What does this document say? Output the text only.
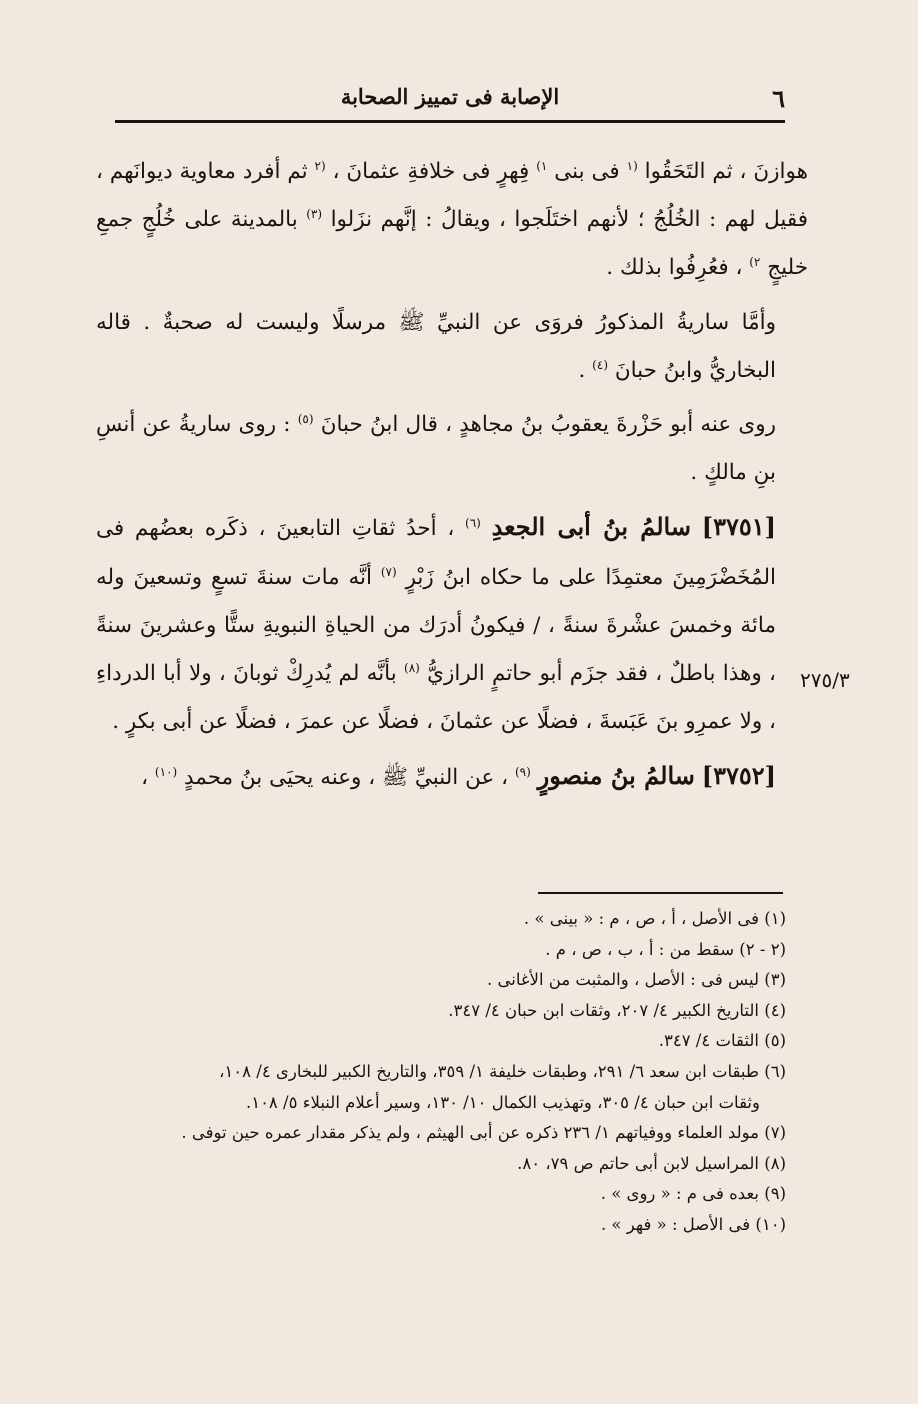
٦
الإصابة فى تمييز الصحابة
٢٧٥/٣

هوازنَ ، ثم التَحَقُوا $^{(١}$ فى بنى $^{١)}$ فِهرٍ فى خلافةِ عثمانَ ، $^{(٢}$ ثم أفرد معاوية ديوانَهم ، فقيل لهم : الخُلُجُ ؛ لأنهم اختَلَجوا ، ويقالُ : إنَّهم نزَلوا $^{(٣)}$ بالمدينة على خُلُجٍ جمعِ خليجٍ $^{٢)}$ ، فعُرِفُوا بذلك .

وأمَّا ساريةُ المذكورُ فروَى عن النبيِّ ﷺ مرسلًا وليست له صحبةٌ . قاله البخاريُّ وابنُ حبانَ $^{(٤)}$ .

روى عنه أبو حَزْرةَ يعقوبُ بنُ مجاهدٍ ، قال ابنُ حبانَ $^{(٥)}$ : روى ساريةُ عن أنسِ بنِ مالكٍ .

[٣٧٥١] سالمُ بنُ أبى الجعدِ $^{(٦)}$ ، أحدُ ثقاتِ التابعينَ ، ذكَره بعضُهم فى المُخَضْرَمِينَ معتمِدًا على ما حكاه ابنُ زَبْرٍ $^{(٧)}$ أنَّه مات سنةَ تسعٍ وتسعينَ وله مائة وخمسَ عشْرةَ سنةً ، / فيكونُ أدرَك من الحياةِ النبويةِ ستًّا وعشرينَ سنةً ، وهذا باطلٌ ، فقد جزَم أبو حاتمٍ الرازيُّ $^{(٨)}$ بأنَّه لم يُدرِكْ ثوبانَ ، ولا أبا الدرداءِ ، ولا عمرِو بنَ عَبَسةَ ، فضلًا عن عثمانَ ، فضلًا عن عمرَ ، فضلًا عن أبى بكرٍ .

[٣٧٥٢] سالمُ بنُ منصورٍ $^{(٩)}$ ، عن النبيِّ ﷺ ، وعنه يحيَى بنُ محمدٍ $^{(١٠)}$ ،

(١) فى الأصل ، أ ، ص ، م : « بينى » .

(٢ - ٢) سقط من : أ ، ب ، ص ، م .

(٣) ليس فى : الأصل ، والمثبت من الأغانى .

(٤) التاريخ الكبير ٤/ ٢٠٧، وثقات ابن حبان ٤/ ٣٤٧.

(٥) الثقات ٤/ ٣٤٧.

(٦) طبقات ابن سعد ٦/ ٢٩١، وطبقات خليفة ١/ ٣٥٩، والتاريخ الكبير للبخارى ٤/ ١٠٨،

وثقات ابن حبان ٤/ ٣٠٥، وتهذيب الكمال ١٠/ ١٣٠، وسير أعلام النبلاء ٥/ ١٠٨.

(٧) مولد العلماء ووفياتهم ١/ ٢٣٦ ذكره عن أبى الهيثم ، ولم يذكر مقدار عمره حين توفى .

(٨) المراسيل لابن أبى حاتم ص ٧٩، ٨٠.

(٩) بعده فى م : « روى » .

(١٠) فى الأصل : « فهر » .
